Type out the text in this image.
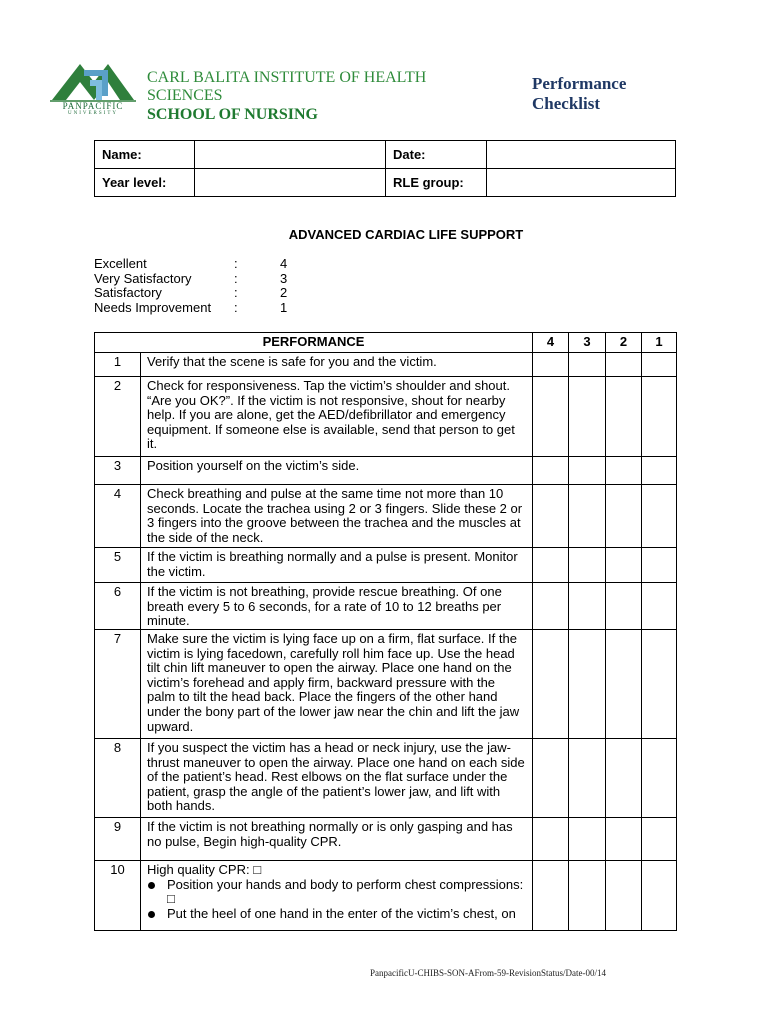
PANPACIFIC
UNIVERSITY
CARL BALITA INSTITUTE OF HEALTH
SCIENCES
SCHOOL OF NURSING
Performance
Checklist
Name:		Date:	
Year level:		RLE group:	
ADVANCED CARDIAC LIFE SUPPORT
Excellent	:	4
Very Satisfactory	:	3
Satisfactory	:	2
Needs Improvement	:	1
PERFORMANCE		4	3	2	1
1	Verify that the scene is safe for you and the victim.				
2	Check for responsiveness. Tap the victim’s shoulder and shout. “Are you OK?”. If the victim is not responsive, shout for nearby help. If you are alone, get the AED/defibrillator and emergency equipment. If someone else is available, send that person to get it.				
3	Position yourself on the victim’s side.				
4	Check breathing and pulse at the same time not more than 10 seconds. Locate the trachea using 2 or 3 fingers. Slide these 2 or 3 fingers into the groove between the trachea and the muscles at the side of the neck.				
5	If the victim is breathing normally and a pulse is present. Monitor the victim.				
6	If the victim is not breathing, provide rescue breathing. Of one breath every 5 to 6 seconds, for a rate of 10 to 12 breaths per minute.				
7	Make sure the victim is lying face up on a firm, flat surface. If the victim is lying facedown, carefully roll him face up. Use the head tilt chin lift maneuver to open the airway. Place one hand on the victim’s forehead and apply firm, backward pressure with the palm to tilt the head back. Place the fingers of the other hand under the bony part of the lower jaw near the chin and lift the jaw upward.				
8	If you suspect the victim has a head or neck injury, use the jaw-thrust maneuver to open the airway. Place one hand on each side of the patient’s head. Rest elbows on the flat surface under the patient, grasp the angle of the patient’s lower jaw, and lift with both hands.				
9	If the victim is not breathing normally or is only gasping and has no pulse, Begin high-quality CPR.				
10	High quality CPR: □
Position your hands and body to perform chest compressions: □
Put the heel of one hand in the enter of the victim’s chest, on				

PanpacificU-CHIBS-SON-AFrom-59-RevisionStatus/Date-00/14
